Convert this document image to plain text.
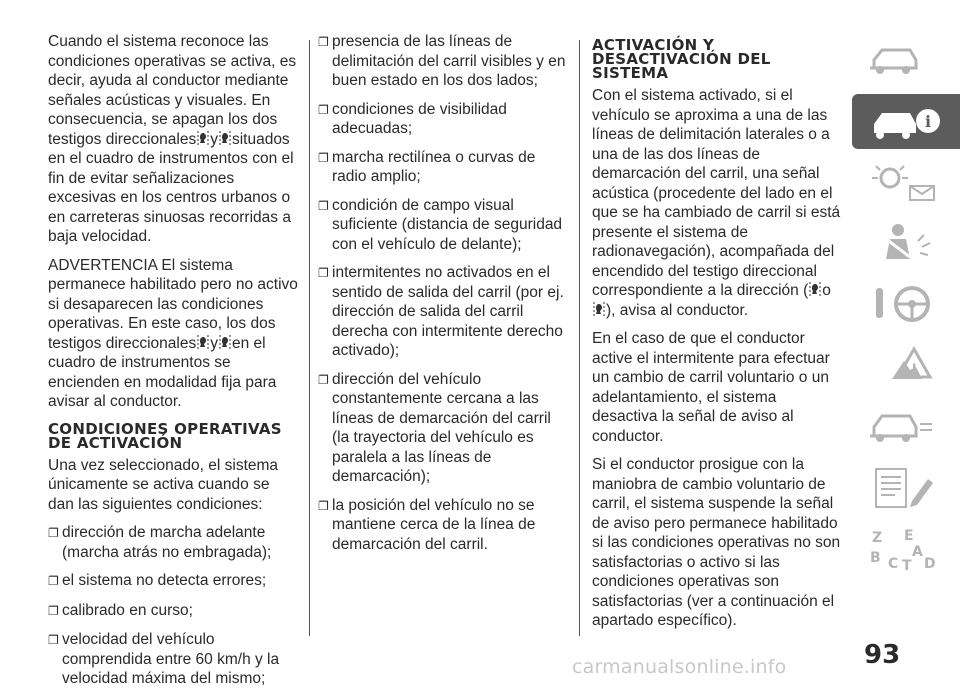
Cuando el sistema reconoce las condiciones operativas se activa, es decir, ayuda al conductor mediante señales acústicas y visuales. En consecuencia, se apagan los dos testigos direccionales y situados en el cuadro de instrumentos con el fin de evitar señalizaciones excesivas en los centros urbanos o en carreteras sinuosas recorridas a baja velocidad.

ADVERTENCIA El sistema permanece habilitado pero no activo si desaparecen las condiciones operativas. En este caso, los dos testigos direccionales y en el cuadro de instrumentos se encienden en modalidad fija para avisar al conductor.

CONDICIONES OPERATIVAS DE ACTIVACIÓN

Una vez seleccionado, el sistema únicamente se activa cuando se dan las siguientes condiciones:

❐ dirección de marcha adelante (marcha atrás no embragada);
❐ el sistema no detecta errores;
❐ calibrado en curso;
❐ velocidad del vehículo comprendida entre 60 km/h y la velocidad máxima del mismo;
❐ presencia de las líneas de delimitación del carril visibles y en buen estado en los dos lados;
❐ condiciones de visibilidad adecuadas;
❐ marcha rectilínea o curvas de radio amplio;
❐ condición de campo visual suficiente (distancia de seguridad con el vehículo de delante);
❐ intermitentes no activados en el sentido de salida del carril (por ej. dirección de salida del carril derecha con intermitente derecho activado);
❐ dirección del vehículo constantemente cercana a las líneas de demarcación del carril (la trayectoria del vehículo es paralela a las líneas de demarcación);
❐ la posición del vehículo no se mantiene cerca de la línea de demarcación del carril.
ACTIVACIÓN Y DESACTIVACIÓN DEL SISTEMA

Con el sistema activado, si el vehículo se aproxima a una de las líneas de delimitación laterales o a una de las dos líneas de demarcación del carril, una señal acústica (procedente del lado en el que se ha cambiado de carril si está presente el sistema de radionavegación), acompañada del encendido del testigo direccional correspondiente a la dirección ( o), avisa al conductor.

En el caso de que el conductor active el intermitente para efectuar un cambio de carril voluntario o un adelantamiento, el sistema desactiva la señal de aviso al conductor.

Si el conductor prosigue con la maniobra de cambio voluntario de carril, el sistema suspende la señal de aviso pero permanece habilitado si las condiciones operativas no son satisfactorias o activo si las condiciones operativas son satisfactorias (ver a continuación el apartado específico).

i
!
Z E
B A
C T D
93
carmanualsonline.info
